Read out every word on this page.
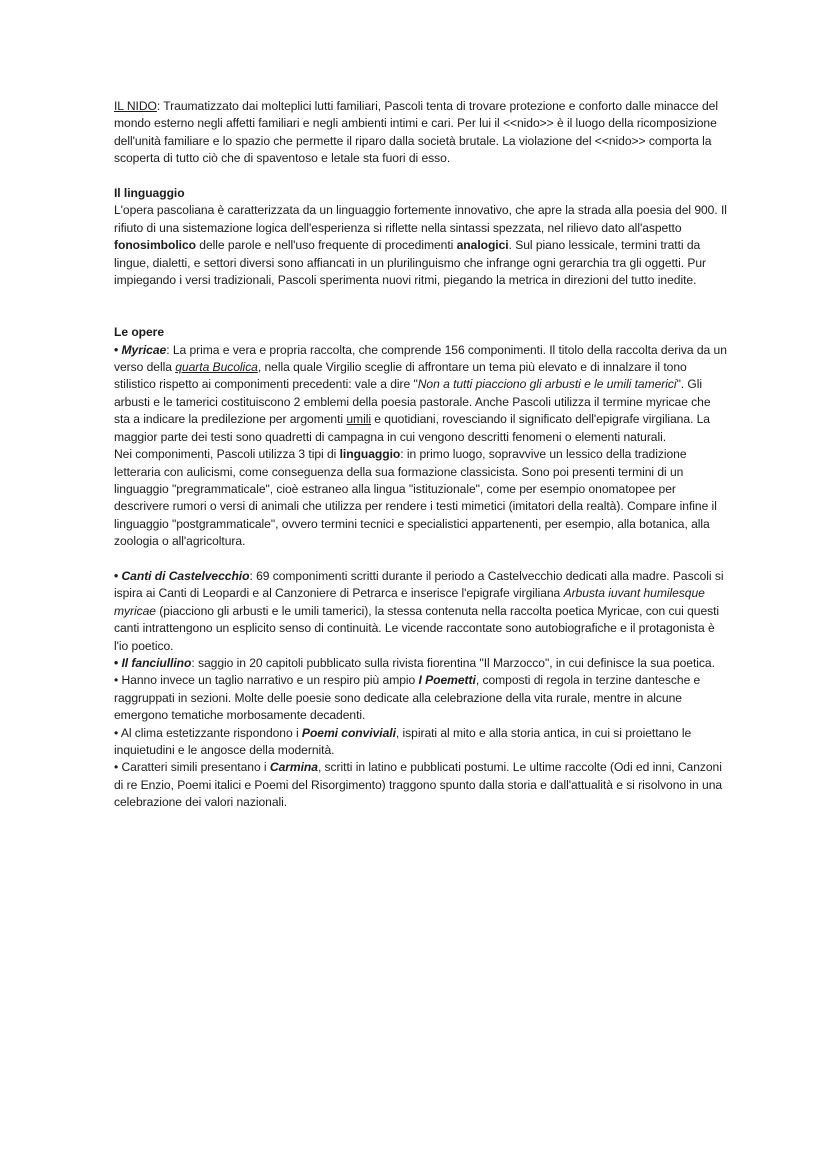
IL NIDO: Traumatizzato dai molteplici lutti familiari, Pascoli tenta di trovare protezione e conforto dalle minacce del mondo esterno negli affetti familiari e negli ambienti intimi e cari. Per lui il <<nido>> è il luogo della ricomposizione dell'unità familiare e lo spazio che permette il riparo dalla società brutale. La violazione del <<nido>> comporta la scoperta di tutto ciò che di spaventoso e letale sta fuori di esso.

Il linguaggio

L'opera pascoliana è caratterizzata da un linguaggio fortemente innovativo, che apre la strada alla poesia del 900. Il rifiuto di una sistemazione logica dell'esperienza si riflette nella sintassi spezzata, nel rilievo dato all'aspetto fonosimbolico delle parole e nell'uso frequente di procedimenti analogici. Sul piano lessicale, termini tratti da lingue, dialetti, e settori diversi sono affiancati in un plurilinguismo che infrange ogni gerarchia tra gli oggetti. Pur impiegando i versi tradizionali, Pascoli sperimenta nuovi ritmi, piegando la metrica in direzioni del tutto inedite.

Le opere

• Myricae: La prima e vera e propria raccolta, che comprende 156 componimenti. Il titolo della raccolta deriva da un verso della quarta Bucolica, nella quale Virgilio sceglie di affrontare un tema più elevato e di innalzare il tono stilistico rispetto ai componimenti precedenti: vale a dire "Non a tutti piacciono gli arbusti e le umili tamerici". Gli arbusti e le tamerici costituiscono 2 emblemi della poesia pastorale. Anche Pascoli utilizza il termine myricae che sta a indicare la predilezione per argomenti umili e quotidiani, rovesciando il significato dell'epigrafe virgiliana. La maggior parte dei testi sono quadretti di campagna in cui vengono descritti fenomeni o elementi naturali.

Nei componimenti, Pascoli utilizza 3 tipi di linguaggio: in primo luogo, sopravvive un lessico della tradizione letteraria con aulicismi, come conseguenza della sua formazione classicista. Sono poi presenti termini di un linguaggio "pregrammaticale", cioè estraneo alla lingua "istituzionale", come per esempio onomatopee per descrivere rumori o versi di animali che utilizza per rendere i testi mimetici (imitatori della realtà). Compare infine il linguaggio "postgrammaticale", ovvero termini tecnici e specialistici appartenenti, per esempio, alla botanica, alla zoologia o all'agricoltura.

• Canti di Castelvecchio: 69 componimenti scritti durante il periodo a Castelvecchio dedicati alla madre. Pascoli si ispira ai Canti di Leopardi e al Canzoniere di Petrarca e inserisce l'epigrafe virgiliana Arbusta iuvant humilesque myricae (piacciono gli arbusti e le umili tamerici), la stessa contenuta nella raccolta poetica Myricae, con cui questi canti intrattengono un esplicito senso di continuità. Le vicende raccontate sono autobiografiche e il protagonista è l'io poetico.

• Il fanciullino: saggio in 20 capitoli pubblicato sulla rivista fiorentina "Il Marzocco", in cui definisce la sua poetica.

• Hanno invece un taglio narrativo e un respiro più ampio I Poemetti, composti di regola in terzine dantesche e raggruppati in sezioni. Molte delle poesie sono dedicate alla celebrazione della vita rurale, mentre in alcune emergono tematiche morbosamente decadenti.

• Al clima estetizzante rispondono i Poemi conviviali, ispirati al mito e alla storia antica, in cui si proiettano le inquietudini e le angosce della modernità.

• Caratteri simili presentano i Carmina, scritti in latino e pubblicati postumi. Le ultime raccolte (Odi ed inni, Canzoni di re Enzio, Poemi italici e Poemi del Risorgimento) traggono spunto dalla storia e dall'attualità e si risolvono in una celebrazione dei valori nazionali.
